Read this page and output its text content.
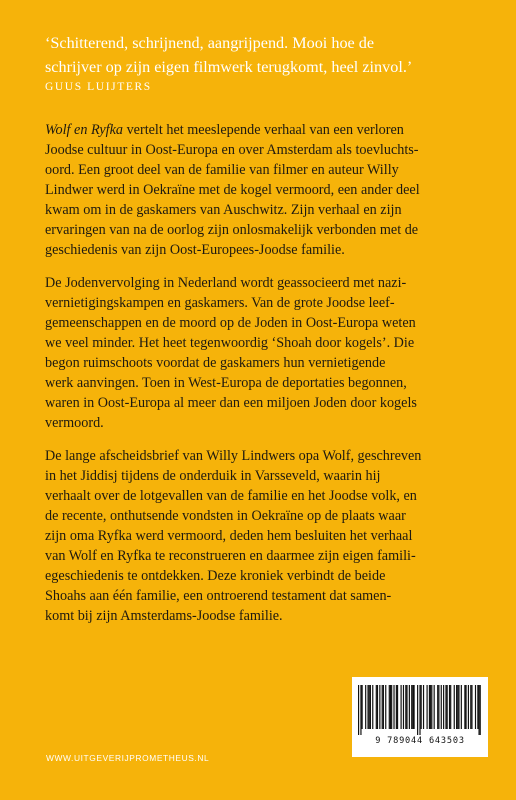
‘Schitterend, schrijnend, aangrijpend. Mooi hoe de
schrijver op zijn eigen filmwerk terugkomt, heel zinvol.’
GUUS LUIJTERS

Wolf en Ryfka vertelt het meeslepende verhaal van een verloren
Joodse cultuur in Oost-Europa en over Amsterdam als toevluchts-
oord. Een groot deel van de familie van filmer en auteur Willy
Lindwer werd in Oekraïne met de kogel vermoord, een ander deel
kwam om in de gaskamers van Auschwitz. Zijn verhaal en zijn
ervaringen van na de oorlog zijn onlosmakelijk verbonden met de
geschiedenis van zijn Oost-Europees-Joodse familie.

De Jodenvervolging in Nederland wordt geassocieerd met nazi-
vernietigingskampen en gaskamers. Van de grote Joodse leef-
gemeenschappen en de moord op de Joden in Oost-Europa weten
we veel minder. Het heet tegenwoordig ‘Shoah door kogels’. Die
begon ruimschoots voordat de gaskamers hun vernietigende
werk aanvingen. Toen in West-Europa de deportaties begonnen,
waren in Oost-Europa al meer dan een miljoen Joden door kogels
vermoord.

De lange afscheidsbrief van Willy Lindwers opa Wolf, geschreven
in het Jiddisj tijdens de onderduik in Varsseveld, waarin hij
verhaalt over de lotgevallen van de familie en het Joodse volk, en
de recente, onthutsende vondsten in Oekraïne op de plaats waar
zijn oma Ryfka werd vermoord, deden hem besluiten het verhaal
van Wolf en Ryfka te reconstrueren en daarmee zijn eigen famili-
egeschiedenis te ontdekken. Deze kroniek verbindt de beide
Shoahs aan één familie, een ontroerend testament dat samen-
komt bij zijn Amsterdams-Joodse familie.

9 789044 643503
WWW.UITGEVERIJPROMETHEUS.NL
